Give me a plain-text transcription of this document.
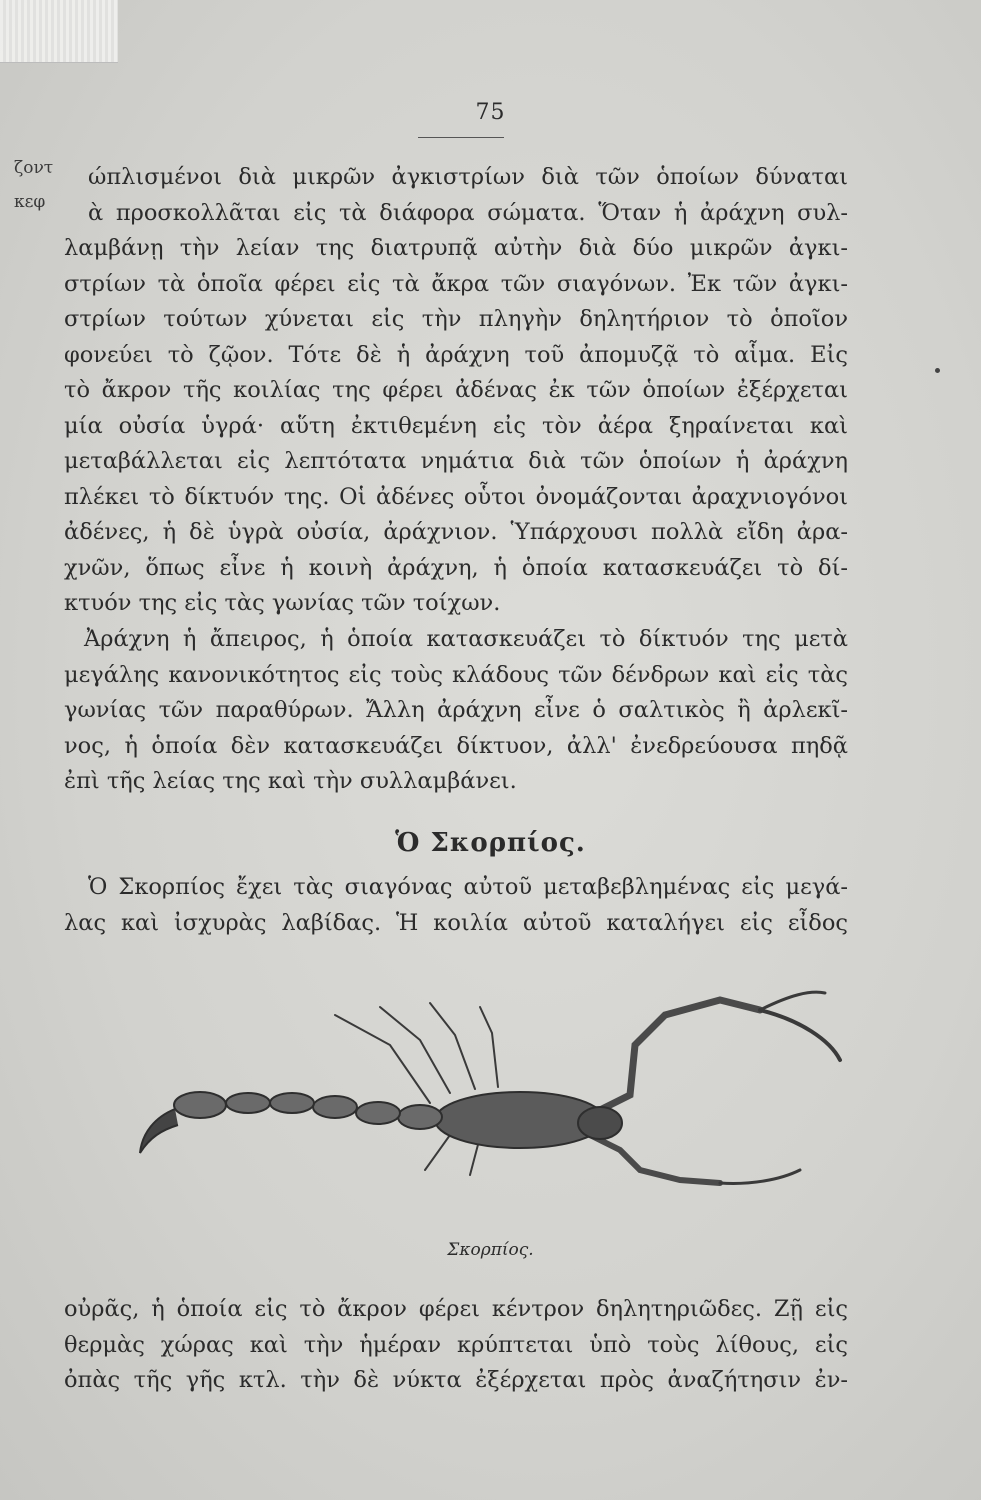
75
ζοντ
κεφ
ώπλισμένοι διὰ μικρῶν ἀγκιστρίων διὰ τῶν ὁποίων δύναται
ὰ προσκολλᾶται εἰς τὰ διάφορα σώματα. Ὅταν ἡ ἀράχνη συλ-
λαμβάνῃ τὴν λείαν της διατρυπᾷ αὐτὴν διὰ δύο μικρῶν ἀγκι-
στρίων τὰ ὁποῖα φέρει εἰς τὰ ἄκρα τῶν σιαγόνων. Ἐκ τῶν ἀγκι-
στρίων τούτων χύνεται εἰς τὴν πληγὴν δηλητήριον τὸ ὁποῖον
φονεύει τὸ ζῷον. Τότε δὲ ἡ ἀράχνη τοῦ ἀπομυζᾷ τὸ αἷμα. Εἰς
τὸ ἄκρον τῆς κοιλίας της φέρει ἀδένας ἐκ τῶν ὁποίων ἐξέρχεται
μία οὐσία ὑγρά· αὕτη ἐκτιθεμένη εἰς τὸν ἀέρα ξηραίνεται καὶ
μεταβάλλεται εἰς λεπτότατα νημάτια διὰ τῶν ὁποίων ἡ ἀράχνη
πλέκει τὸ δίκτυόν της. Οἱ ἀδένες οὗτοι ὀνομάζονται ἀραχνιογόνοι
ἀδένες, ἡ δὲ ὑγρὰ οὐσία, ἀράχνιον. Ὑπάρχουσι πολλὰ εἴδη ἀρα-
χνῶν, ὅπως εἶνε ἡ κοινὴ ἀράχνη, ἡ ὁποία κατασκευάζει τὸ δί-
κτυόν της εἰς τὰς γωνίας τῶν τοίχων.
Ἀράχνη ἡ ἄπειρος, ἡ ὁποία κατασκευάζει τὸ δίκτυόν της μετὰ
μεγάλης κανονικότητος εἰς τοὺς κλάδους τῶν δένδρων καὶ εἰς τὰς
γωνίας τῶν παραθύρων. Ἄλλη ἀράχνη εἶνε ὁ σαλτικὸς ἢ ἀρλεκῖ-
νος, ἡ ὁποία δὲν κατασκευάζει δίκτυον, ἀλλ' ἐνεδρεύουσα πηδᾷ
ἐπὶ τῆς λείας της καὶ τὴν συλλαμβάνει.
Ὁ Σκορπίος.
Ὁ Σκορπίος ἔχει τὰς σιαγόνας αὐτοῦ μεταβεβλημένας εἰς μεγά-
λας καὶ ἰσχυρὰς λαβίδας. Ἡ κοιλία αὐτοῦ καταλήγει εἰς εἶδος
Σκορπίος.
οὐρᾶς, ἡ ὁποία εἰς τὸ ἄκρον φέρει κέντρον δηλητηριῶδες. Ζῇ εἰς
θερμὰς χώρας καὶ τὴν ἡμέραν κρύπτεται ὑπὸ τοὺς λίθους, εἰς
ὀπὰς τῆς γῆς κτλ. τὴν δὲ νύκτα ἐξέρχεται πρὸς ἀναζήτησιν ἐν-
